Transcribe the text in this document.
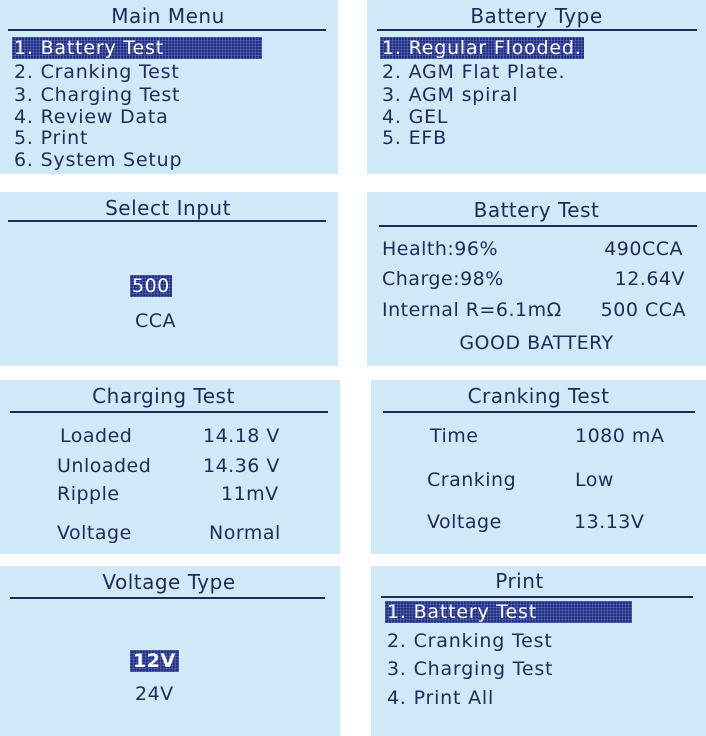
Main Menu
1. Battery Test
2. Cranking Test
3. Charging Test
4. Review Data
5. Print
6. System Setup
Battery Type
1. Regular Flooded.
2. AGM Flat Plate.
3. AGM spiral
4. GEL
5. EFB
Select Input
500
CCA
Battery Test
Health:96%	490CCA
Charge:98%	12.64V
Internal R=6.1mΩ 500 CCA
GOOD BATTERY
Charging Test
Loaded	14.18 V
Unloaded	14.36 V
Ripple	11mV
Voltage	Normal
Cranking Test
Time	1080 mA
Cranking	Low
Voltage	13.13V
Voltage Type
12V
24V
Print
1. Battery Test
2. Cranking Test
3. Charging Test
4. Print All
